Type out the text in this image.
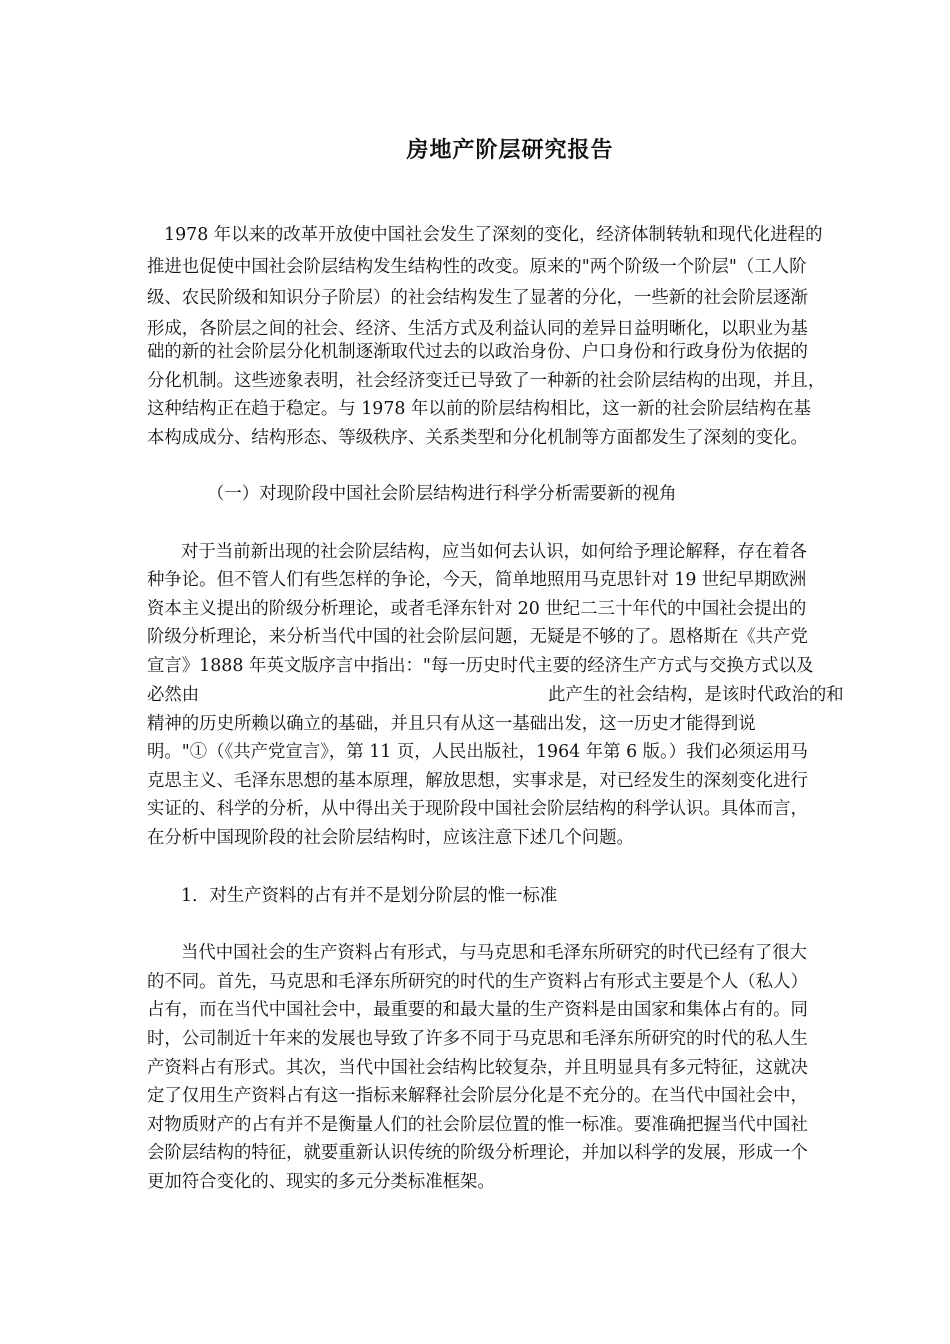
房地产阶层研究报告
1978 年以来的改革开放使中国社会发生了深刻的变化，经济体制转轨和现代化进程的
推进也促使中国社会阶层结构发生结构性的改变。原来的"两个阶级一个阶层"（工人阶
级、农民阶级和知识分子阶层）的社会结构发生了显著的分化，一些新的社会阶层逐渐
形成，各阶层之间的社会、经济、生活方式及利益认同的差异日益明晰化，以职业为基
础的新的社会阶层分化机制逐渐取代过去的以政治身份、户口身份和行政身份为依据的
分化机制。这些迹象表明，社会经济变迁已导致了一种新的社会阶层结构的出现，并且，
这种结构正在趋于稳定。与 1978 年以前的阶层结构相比，这一新的社会阶层结构在基
本构成成分、结构形态、等级秩序、关系类型和分化机制等方面都发生了深刻的变化。
（一）对现阶段中国社会阶层结构进行科学分析需要新的视角
对于当前新出现的社会阶层结构，应当如何去认识，如何给予理论解释，存在着各
种争论。但不管人们有些怎样的争论，今天，简单地照用马克思针对 19 世纪早期欧洲
资本主义提出的阶级分析理论，或者毛泽东针对 20 世纪二三十年代的中国社会提出的
阶级分析理论，来分析当代中国的社会阶层问题，无疑是不够的了。恩格斯在《共产党
宣言》1888 年英文版序言中指出："每一历史时代主要的经济生产方式与交换方式以及
必然由	此产生的社会结构，是该时代政治的和
精神的历史所赖以确立的基础，并且只有从这一基础出发，这一历史才能得到说
明。"①（《共产党宣言》，第 11 页，人民出版社，1964 年第 6 版。）我们必须运用马
克思主义、毛泽东思想的基本原理，解放思想，实事求是，对已经发生的深刻变化进行
实证的、科学的分析，从中得出关于现阶段中国社会阶层结构的科学认识。具体而言，
在分析中国现阶段的社会阶层结构时，应该注意下述几个问题。
1．对生产资料的占有并不是划分阶层的惟一标准
当代中国社会的生产资料占有形式，与马克思和毛泽东所研究的时代已经有了很大
的不同。首先，马克思和毛泽东所研究的时代的生产资料占有形式主要是个人（私人）
占有，而在当代中国社会中，最重要的和最大量的生产资料是由国家和集体占有的。同
时，公司制近十年来的发展也导致了许多不同于马克思和毛泽东所研究的时代的私人生
产资料占有形式。其次，当代中国社会结构比较复杂，并且明显具有多元特征，这就决
定了仅用生产资料占有这一指标来解释社会阶层分化是不充分的。在当代中国社会中，
对物质财产的占有并不是衡量人们的社会阶层位置的惟一标准。要准确把握当代中国社
会阶层结构的特征，就要重新认识传统的阶级分析理论，并加以科学的发展，形成一个
更加符合变化的、现实的多元分类标准框架。
